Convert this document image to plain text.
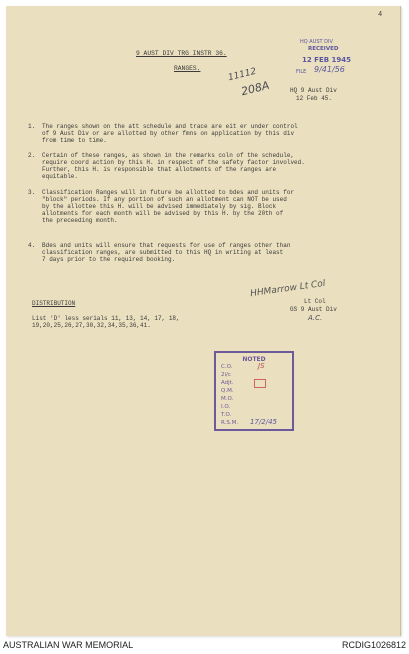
4
9 AUST DIV TRG INSTR 36.
RANGES.	11112
208A
HQ AUST DIV
RECEIVED
12 FEB 1945
FILE 9/41/56
HQ 9 Aust Div
12 Feb 45.
1. The ranges shown on the att schedule and trace are eit er under control
of 9 Aust Div or are allotted by other fmns on application by this div
from time to time.
2. Certain of these ranges, as shown in the remarks coln of the schedule,
require coord action by this H. in respect of the safety factor involved.
Further, this H. is responsible that allotments of the ranges are
equitable.
3. Classification Ranges will in future be allotted to bdes and units for
"block" periods. If any portion of such an allotment can NOT be used
by the allottee this H. will be advised immediately by sig. Block
allotments for each month will be advised by this H. by the 20th of
the preceeding month.
4. Bdes and units will ensure that requests for use of ranges other than
classification ranges, are submitted to this HQ in writing at least
7 days prior to the required booking.
HHMarrow Lt Col
Lt Col
GS 9 Aust Div
A.C.
DISTRIBUTION
List 'D' less serials 11, 13, 14, 17, 18,
19,20,25,26,27,30,32,34,35,36,41.
NOTED
C.O.
2i/c
Adjt.
Q.M.
M.O.
I.O.
T.O.
R.S.M.
JS
17/2/45
AUSTRALIAN WAR MEMORIAL	RCDIG1026812
